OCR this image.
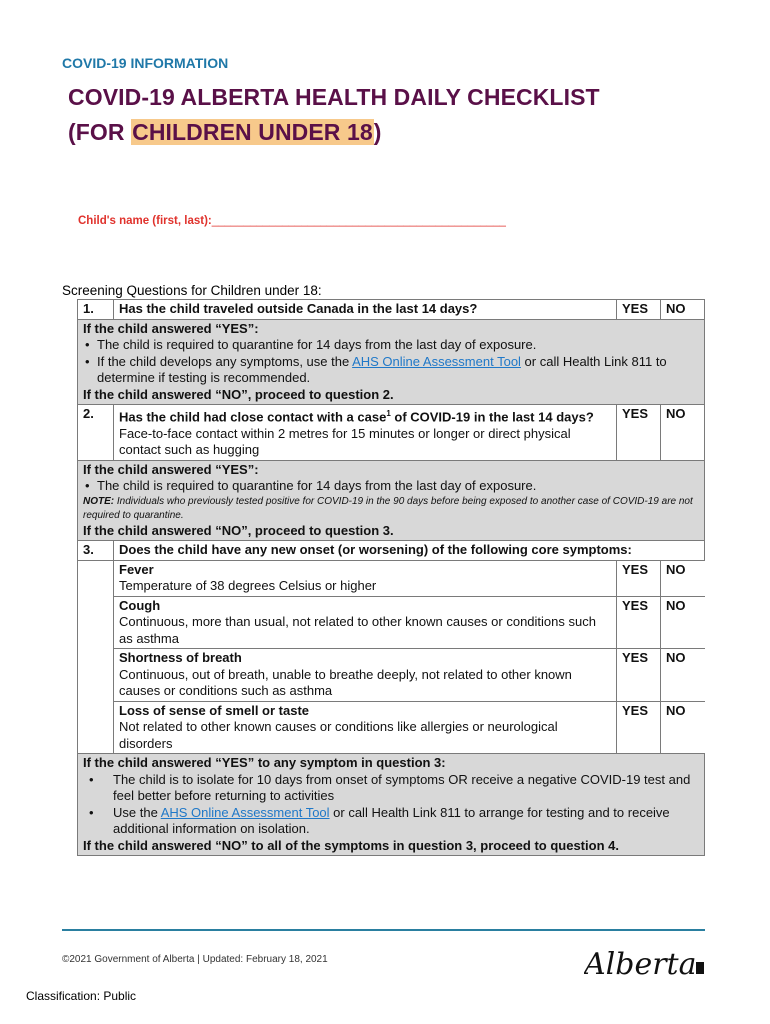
COVID-19 INFORMATION
COVID-19 ALBERTA HEALTH DAILY CHECKLIST
(FOR CHILDREN UNDER 18)
Child's name (first, last):______________________________________________
Screening Questions for Children under 18:
1.	Has the child traveled outside Canada in the last 14 days?	YES	NO

If the child answered “YES”:
• The child is required to quarantine for 14 days from the last day of exposure.
• If the child develops any symptoms, use the AHS Online Assessment Tool or call Health Link 811 to determine if testing is recommended.
If the child answered “NO”, proceed to question 2.

2.	Has the child had close contact with a case$^1$ of COVID-19 in the last 14 days?
Face-to-face contact within 2 metres for 15 minutes or longer or direct physical contact such as hugging
	YES	NO

If the child answered “YES”:
• The child is required to quarantine for 14 days from the last day of exposure.
NOTE: Individuals who previously tested positive for COVID-19 in the 90 days before being exposed to another case of COVID-19 are not required to quarantine.
If the child answered “NO”, proceed to question 3.

3.	Does the child have any new onset (or worsening) of the following core symptoms:

Fever
Temperature of 38 degrees Celsius or higher
	YES	NO

Cough
Continuous, more than usual, not related to other known causes or conditions such as asthma
	YES	NO

Shortness of breath
Continuous, out of breath, unable to breathe deeply, not related to other known causes or conditions such as asthma
	YES	NO

Loss of sense of smell or taste
Not related to other known causes or conditions like allergies or neurological disorders
	YES	NO

If the child answered “YES” to any symptom in question 3:
• The child is to isolate for 10 days from onset of symptoms OR receive a negative COVID-19 test and feel better before returning to activities
• Use the AHS Online Assessment Tool or call Health Link 811 to arrange for testing and to receive additional information on isolation.
If the child answered “NO” to all of the symptoms in question 3, proceed to question 4.
©2021 Government of Alberta | Updated: February 18, 2021	Alberta
Classification: Public
